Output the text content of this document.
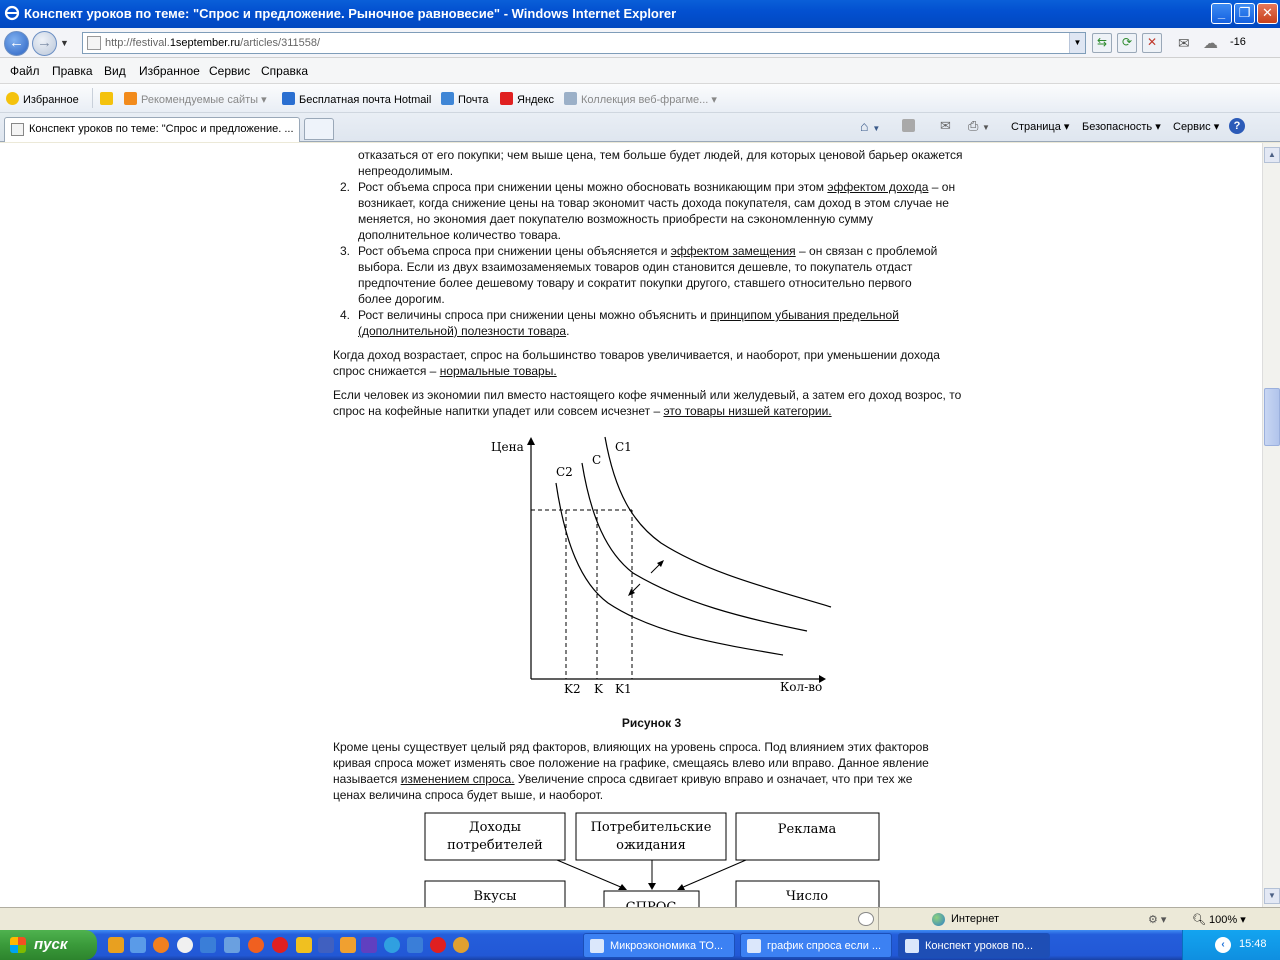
Конспект уроков по теме: "Спрос и предложение. Рыночное равновесие" - Windows Internet Explorer	_	❐ ✕
← → ▼	http://festival.1september.ru/articles/311558/	▼	⇆	⟳	✕	✉ ☁ -16
Файл Правка Вид Избранное Сервис Справка
Избранное	Рекомендуемые сайты ▾	Бесплатная почта Hotmail	Почта	Яндекс	Коллекция веб-фрагме... ▾
Конспект уроков по теме: "Спрос и предложение. ...	⌂ ▼	✉ ⎙ ▼ Страница ▾ Безопасность ▾ Сервис ▾	?
отказаться от его покупки; чем выше цена, тем больше будет людей, для которых ценовой барьер окажется непреодолимым.
2. Рост объема спроса при снижении цены можно обосновать возникающим при этом эффектом дохода – он возникает, когда снижение цены на товар экономит часть дохода покупателя, сам доход в этом случае не меняется, но экономия дает покупателю возможность приобрести на сэкономленную сумму дополнительное количество товара.
3. Рост объема спроса при снижении цены объясняется и эффектом замещения – он связан с проблемой выбора. Если из двух взаимозаменяемых товаров один становится дешевле, то покупатель отдаст предпочтение более дешевому товару и сократит покупки другого, ставшего относительно первого более дорогим.
4. Рост величины спроса при снижении цены можно объяснить и принципом убывания предельной (дополнительной) полезности товара.
Когда доход возрастает, спрос на большинство товаров увеличивается, и наоборот, при уменьшении дохода спрос снижается – нормальные товары.
Если человек из экономии пил вместо настоящего кофе ячменный или желудевый, а затем его доход возрос, то спрос на кофейные напитки упадет или совсем исчезнет – это товары низшей категории.
Цена
Кол-во
C2
C
C1
K2 K K1
Рисунок 3
Кроме цены существует целый ряд факторов, влияющих на уровень спроса. Под влиянием этих факторов кривая спроса может изменять свое положение на графике, смещаясь влево или вправо. Данное явление называется изменением спроса. Увеличение спроса сдвигает кривую вправо и означает, что при тех же ценах величина спроса будет выше, и наоборот.
Доходы потребителей
Потребительские ожидания
Реклама
Вкусы	Число
▲
▼
Интернет	⚙ ▾ 🔍︎ 100% ▾
пуск	Микроэкономика ТО...	график спроса если ...	Конспект уроков по...	‹	15:48
